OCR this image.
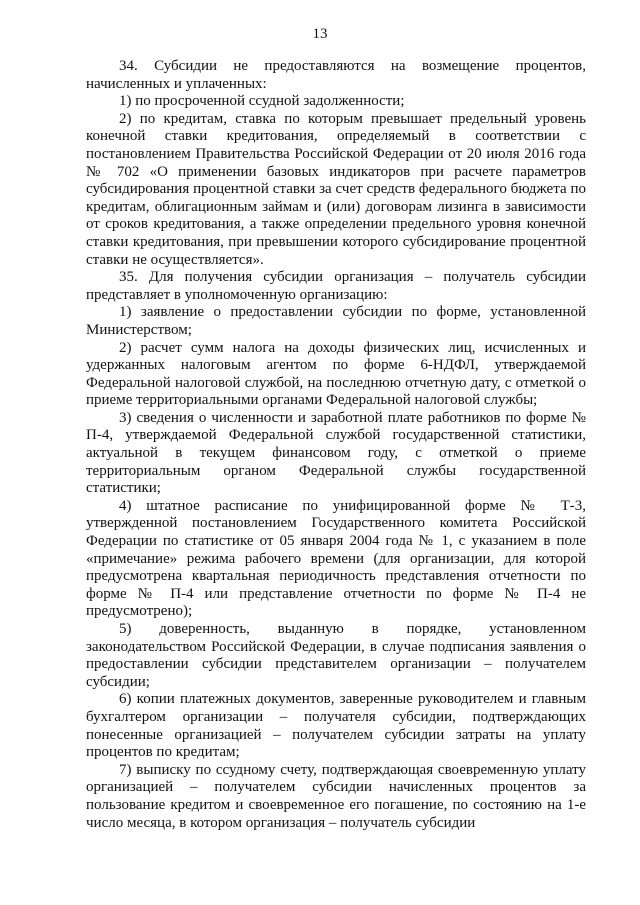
13

34. Субсидии не предоставляются на возмещение процентов, начисленных и уплаченных:

1) по просроченной ссудной задолженности;

2) по кредитам, ставка по которым превышает предельный уровень конечной ставки кредитования, определяемый в соответствии с постановлением Правительства Российской Федерации от 20 июля 2016 года № 702 «О применении базовых индикаторов при расчете параметров субсидирования процентной ставки за счет средств федерального бюджета по кредитам, облигационным займам и (или) договорам лизинга в зависимости от сроков кредитования, а также определении предельного уровня конечной ставки кредитования, при превышении которого субсидирование процентной ставки не осуществляется».

35. Для получения субсидии организация – получатель субсидии представляет в уполномоченную организацию:

1) заявление о предоставлении субсидии по форме, установленной Министерством;

2) расчет сумм налога на доходы физических лиц, исчисленных и удержанных налоговым агентом по форме 6-НДФЛ, утверждаемой Федеральной налоговой службой, на последнюю отчетную дату, с отметкой о приеме территориальными органами Федеральной налоговой службы;

3) сведения о численности и заработной плате работников по форме № П-4, утверждаемой Федеральной службой государственной статистики, актуальной в текущем финансовом году, с отметкой о приеме территориальным органом Федеральной службы государственной статистики;

4) штатное расписание по унифицированной форме № Т-3, утвержденной постановлением Государственного комитета Российской Федерации по статистике от 05 января 2004 года № 1, с указанием в поле «примечание» режима рабочего времени (для организации, для которой предусмотрена квартальная периодичность представления отчетности по форме № П-4 или представление отчетности по форме № П-4 не предусмотрено);

5) доверенность, выданную в порядке, установленном законодательством Российской Федерации, в случае подписания заявления о предоставлении субсидии представителем организации – получателем субсидии;

6) копии платежных документов, заверенные руководителем и главным бухгалтером организации – получателя субсидии, подтверждающих понесенные организацией – получателем субсидии затраты на уплату процентов по кредитам;

7) выписку по ссудному счету, подтверждающая своевременную уплату организацией – получателем субсидии начисленных процентов за пользование кредитом и своевременное его погашение, по состоянию на 1-е число месяца, в котором организация – получатель субсидии
